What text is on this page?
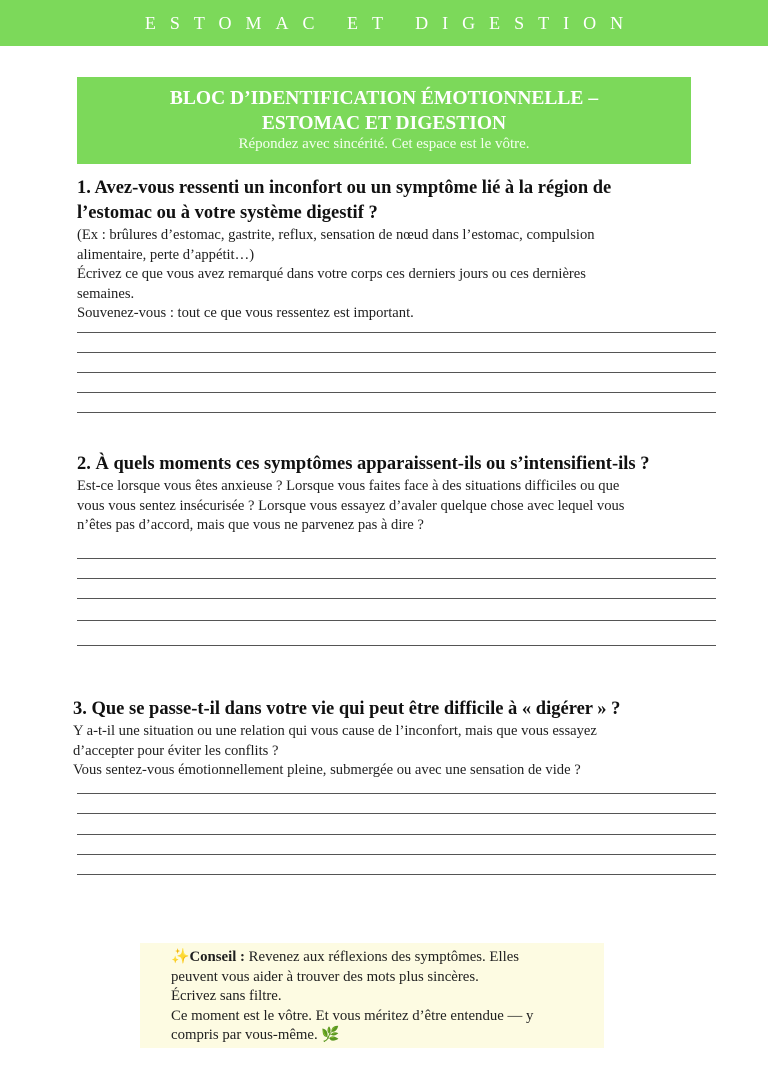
ESTOMAC ET DIGESTION
BLOC D’IDENTIFICATION ÉMOTIONNELLE –
ESTOMAC ET DIGESTION
Répondez avec sincérité. Cet espace est le vôtre.
1. Avez-vous ressenti un inconfort ou un symptôme lié à la région de
l’estomac ou à votre système digestif ?
(Ex : brûlures d’estomac, gastrite, reflux, sensation de nœud dans l’estomac, compulsion
alimentaire, perte d’appétit…)
Écrivez ce que vous avez remarqué dans votre corps ces derniers jours ou ces dernières
semaines.
Souvenez-vous : tout ce que vous ressentez est important.
2. À quels moments ces symptômes apparaissent-ils ou s’intensifient-ils ?
Est-ce lorsque vous êtes anxieuse ? Lorsque vous faites face à des situations difficiles ou que
vous vous sentez insécurisée ? Lorsque vous essayez d’avaler quelque chose avec lequel vous
n’êtes pas d’accord, mais que vous ne parvenez pas à dire ?
3. Que se passe-t-il dans votre vie qui peut être difficile à « digérer » ?
Y a-t-il une situation ou une relation qui vous cause de l’inconfort, mais que vous essayez
d’accepter pour éviter les conflits ?
Vous sentez-vous émotionnellement pleine, submergée ou avec une sensation de vide ?
✨Conseil : Revenez aux réflexions des symptômes. Elles
peuvent vous aider à trouver des mots plus sincères.
Écrivez sans filtre.
Ce moment est le vôtre. Et vous méritez d’être entendue — y
compris par vous-même. 🌿
